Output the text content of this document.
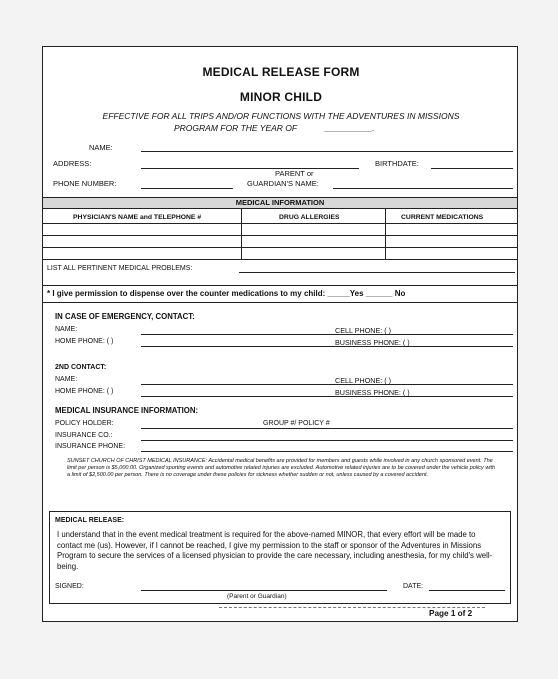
MEDICAL RELEASE FORM
MINOR CHILD
EFFECTIVE FOR ALL TRIPS AND/OR FUNCTIONS WITH THE ADVENTURES IN MISSIONS
PROGRAM FOR THE YEAR OF	__________.
NAME:
ADDRESS:	BIRTHDATE:
PARENT or
PHONE NUMBER:	GUARDIAN'S NAME:
MEDICAL INFORMATION
PHYSICIAN'S NAME and TELEPHONE #	DRUG ALLERGIES	CURRENT MEDICATIONS
LIST ALL PERTINENT MEDICAL PROBLEMS:
* I give permission to dispense over the counter medications to my child: _____Yes ______ No
IN CASE OF EMERGENCY, CONTACT:
NAME:	CELL PHONE: ( )
HOME PHONE: ( )	BUSINESS PHONE: ( )
2ND CONTACT:
NAME:	CELL PHONE: ( )
HOME PHONE: ( )	BUSINESS PHONE: ( )
MEDICAL INSURANCE INFORMATION:
POLICY HOLDER:	GROUP #/ POLICY #
INSURANCE CO.:
INSURANCE PHONE:
SUNSET CHURCH OF CHRIST MEDICAL INSURANCE: Accidental medical benefits are provided for members and guests while involved in any church sponsored event. The limit per person is $5,000.00. Organized sporting events and automotive related injuries are excluded. Automotive related injuries are to be covered under the vehicle policy with a limit of $2,500.00 per person. There is no coverage under these policies for sickness whether sudden or not, unless caused by a covered accident.
MEDICAL RELEASE:
I understand that in the event medical treatment is required for the above-named MINOR, that every effort will be made to contact me (us). However, if I cannot be reached, I give my permission to the staff or sponsor of the Adventures in Missions Program to secure the services of a licensed physician to provide the care necessary, including anesthesia, for my child's well-being.
SIGNED:	DATE:
(Parent or Guardian)
Page 1 of 2
